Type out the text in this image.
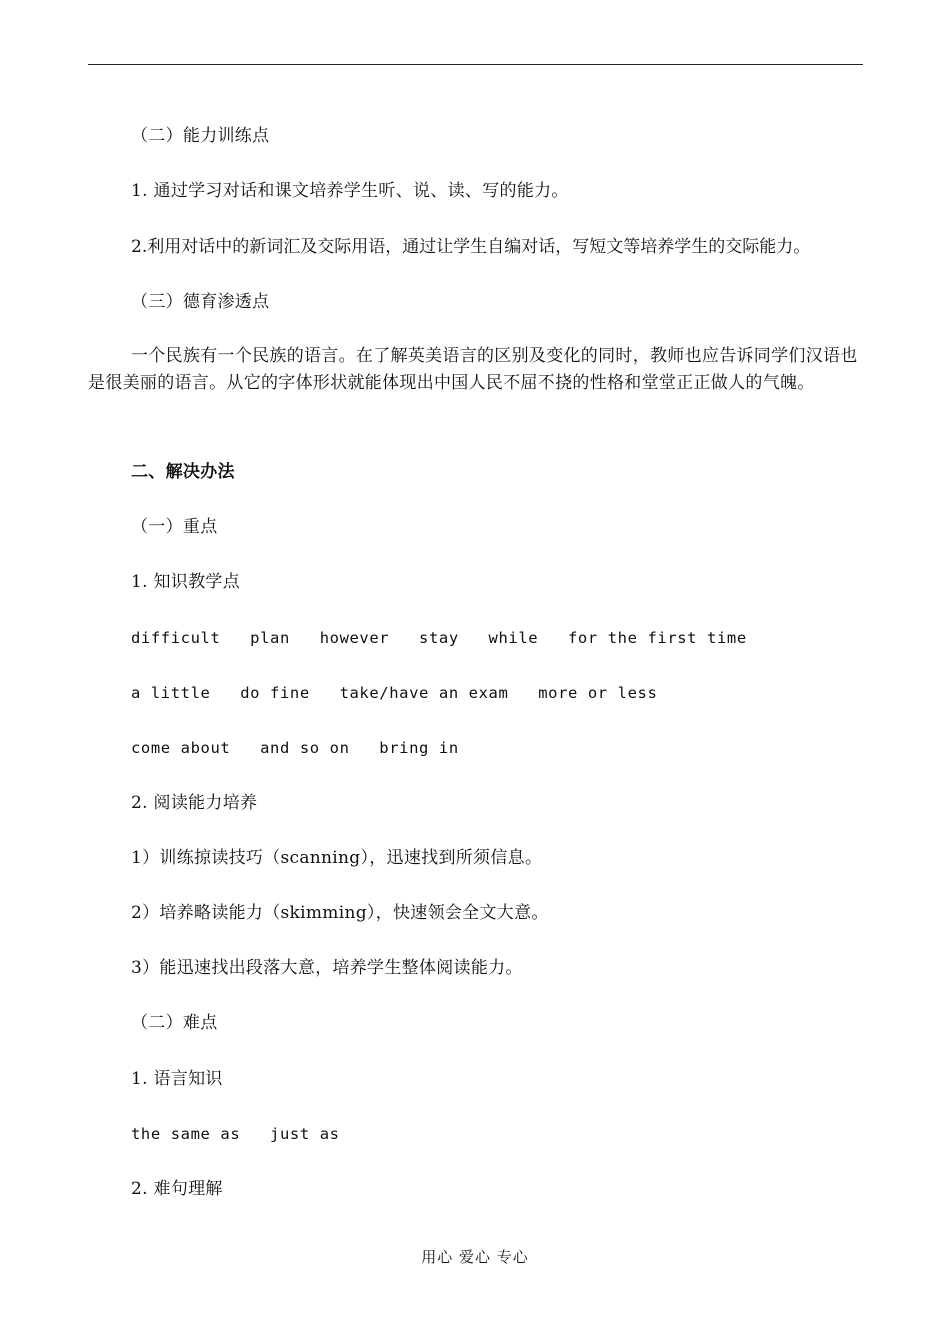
（二）能力训练点
1. 通过学习对话和课文培养学生听、说、读、写的能力。
2.利用对话中的新词汇及交际用语，通过让学生自编对话，写短文等培养学生的交际能力。
（三）德育渗透点
一个民族有一个民族的语言。在了解英美语言的区别及变化的同时，教师也应告诉同学们汉语也是很美丽的语言。从它的字体形状就能体现出中国人民不屈不挠的性格和堂堂正正做人的气魄。
二、解决办法
（一）重点
1. 知识教学点
difficult   plan   however   stay   while   for the first time
a little   do fine   take/have an exam   more or less
come about   and so on   bring in
2. 阅读能力培养
1）训练掠读技巧（scanning），迅速找到所须信息。
2）培养略读能力（skimming），快速领会全文大意。
3）能迅速找出段落大意，培养学生整体阅读能力。
（二）难点
1. 语言知识
the same as   just as
2. 难句理解
用心 爱心 专心
